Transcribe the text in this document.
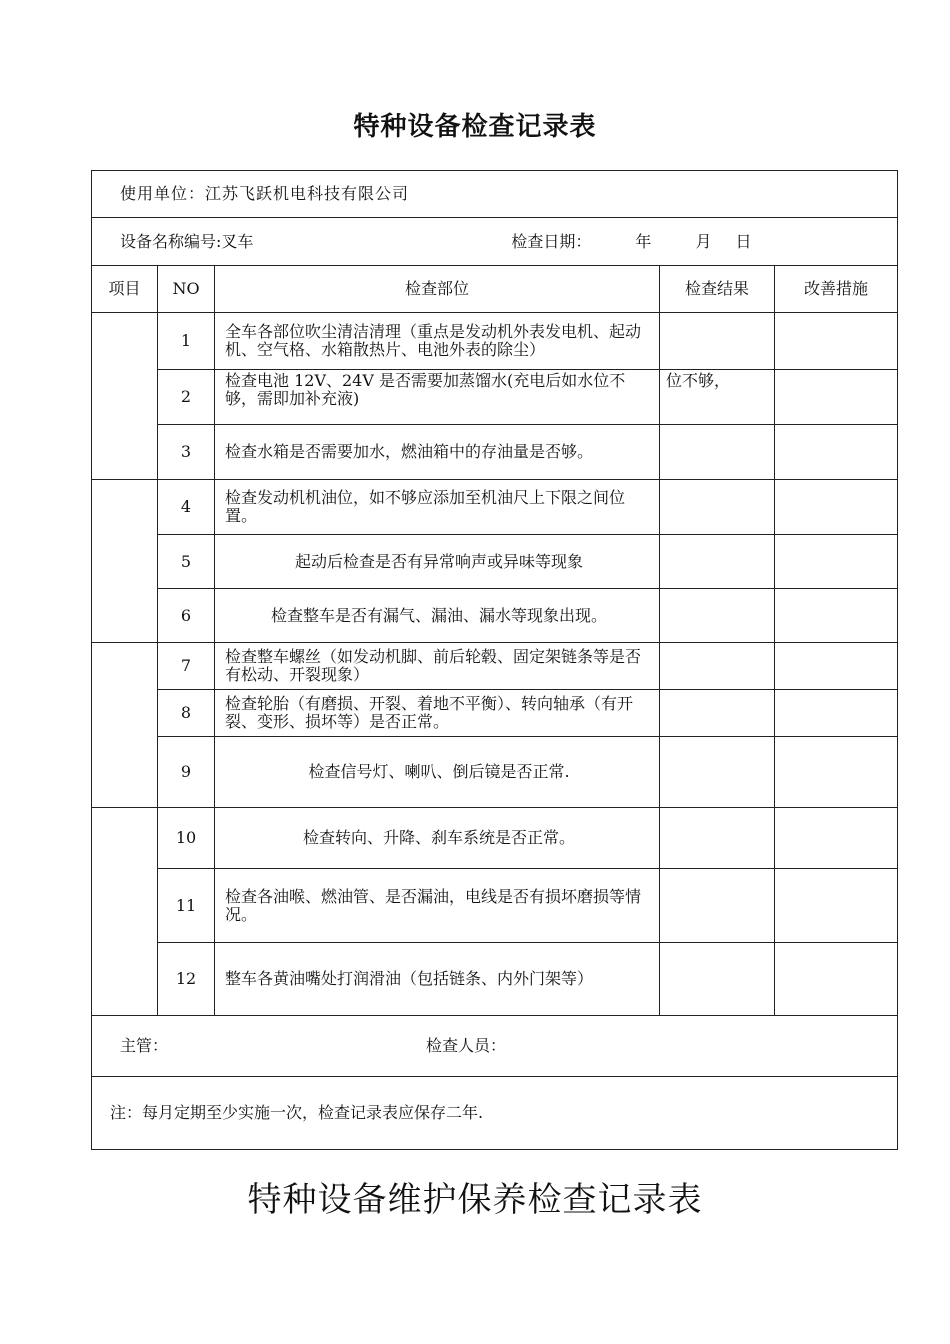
特种设备检查记录表
使用单位：江苏飞跃机电科技有限公司				

设备名称编号:叉车 检查日期： 年 月 日				

项目	NO	检查部位	检查结果	改善措施
	1	全车各部位吹尘清洁清理（重点是发动机外表发电机、起动机、空气格、水箱散热片、电池外表的除尘）		
	2	检查电池 12V、24V 是否需要加蒸馏水(充电后如水位不够，需即加补充液)	位不够，	
	3	检查水箱是否需要加水，燃油箱中的存油量是否够。		
	4	检查发动机机油位，如不够应添加至机油尺上下限之间位置。		
	5	起动后检查是否有异常响声或异味等现象		
	6	检查整车是否有漏气、漏油、漏水等现象出现。		
	7	检查整车螺丝（如发动机脚、前后轮毂、固定架链条等是否有松动、开裂现象）		
	8	检查轮胎（有磨损、开裂、着地不平衡）、转向轴承（有开裂、变形、损坏等）是否正常。		
	9	检查信号灯、喇叭、倒后镜是否正常.		
	10	检查转向、升降、刹车系统是否正常。		
	11	检查各油喉、燃油管、是否漏油，电线是否有损坏磨损等情况。		
	12	整车各黄油嘴处打润滑油（包括链条、内外门架等）		

主管： 检查人员：				

注：每月定期至少实施一次，检查记录表应保存二年.				
特种设备维护保养检查记录表
